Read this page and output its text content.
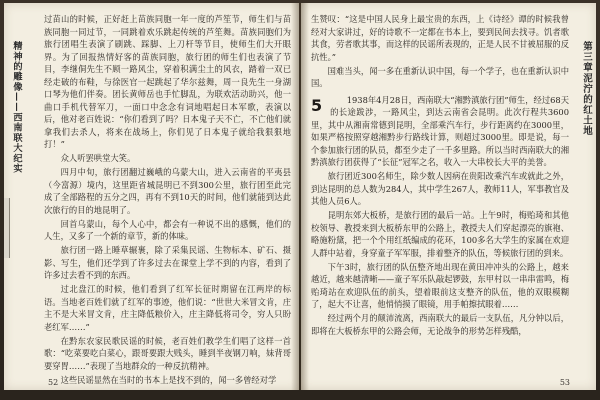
精神的雕像——西南联大纪实

过苗山的时候，正好赶上苗族同胞一年一度的芦笙节，师生们与苗族同胞一同过节，一同跳着欢乐跳起传统的芦笙舞。苗族同胞们为旅行团唱生表演了刷跳、踩脚、上刀杆等节目，使师生们大开眼界。为了回报热情好客的苗族同胞，旅行团的师生们也表演了节目，李继侗先生不顾一路风尘，穿着积满尘土的风衣，踏着一双已经走破的布鞋，与徐医官一起跳起了华尔兹舞，周一良先生一身湖口琴为他们伴奏。团长黄师岳也手忙脚乱，为联欢活动助兴，他一曲口手机代替军刀，一面口中念念有词地唱起日本军歌，表演以后，他对老百姓说：“你们看到了吗？日本鬼子天不亡，不亡他们就拿我们去杀人，将来在战场上，你们见了日本鬼子就给我狠狠地打！”

众人听罢哄堂大笑。

四月中旬，旅行团翻过巍峨的乌蒙大山，进入云南省的平夷县（今富源）境内，这里距省城昆明已不到300公里，旅行团至此完成了全部路程的五分之四，再有不到10天的时间，他们就能到达此次旅行的目的地昆明了。

回首乌蒙山，每个人心中，都会有一种说不出的感慨，他们的人生，又多了一个新的章节，新的体味。

旅行团一路上睡草辗裹，除了采集民谣、生物标本、矿石、摄影、写生，他们还学到了许多过去在课堂上学不到的内容，看到了许多过去看不到的东西。

过北盘江的时候，他们看到了红军长征时期留在江两岸的标语。当地老百姓们就了红军的事迹，他们说：“世世大米冒文肯，庄主不是大米冒文肯，庄主降低粮价入，庄主降低将司令，穷人只盼老红军……”

在黔东农家民歌民谣的时候，老百姓们教学生们唱了这样一首歌：“吃菜要吃白菜心，跟哥要跟大贱头，睡到半夜钢刀响，妹背哥要穿胃……”表现了当地群众的一种反抗精神。

这些民谣显然在当时的书本上是找不到的，闻一多曾经对学

52
第三章泥泞的红土地

生赞叹：“这是中国人民身上最宝贵的东西，上《诗经》谭的时候我曾经对大家讲过，好的诗歌不一定都在书本上，要到民间去找寻。饥者歌其食，劳者歌其事，而这样的民谣所表现的，正是人民不甘被屈服的反抗性。”

国难当头，闻一多在重新认识中国，每一个学子，也在重新认识中国。

5	1938年4月28日，西南联大“湘黔滇旅行团”师生，经过68天的长途跋涉，一路风尘，到达云南省会昆明。此次行程共3600里，其中从湘南常德到昆明，全部乘汽车行，步行距离约在3000里，如果严格按照穿越湘黔步行路线计算，则超过3000里。即是说，每一个参加旅行团的队员，都至少走了一千多里路。所以当时西南联大的湘黔滇旅行团获得了“长征”冠军之名，收入一大串校长大平的美誉。

旅行团近300名师生，除少数人因病在贵阳改乘汽车或就此之外，到达昆明的总人数为284人，其中学生267人，教师11人，军事教官及其他人员6人。

昆明东郊大板桥，是旅行团的最后一站。上午9时，梅贻琦和其他校领导、教授来到大板桥东甲的公路上，教授夫人们穿起漂亮的旗袍、略施粉黛，把一个个用红纸编成的花环，100多名大学生的家属在欢迎人群中站着，身穿童子军军服，排着整齐的队伍，等候旅行团的到来。

下午3时，旅行团的队伍整齐地出现在黄田冲冲头的公路上，越来越近，越来越清晰——童子军乐队敲起锣鼓，东甲村以一串串雷鸣，梅贻琦站在欢迎队伍的前头，望着眼前这支整齐的队伍，他的双眼模糊了，起大不让喜，他悄悄摸了眼镜，用手帕擦拭眼着……

经过两个月的颠沛流离，西南联大的最后一支队伍，凡分钟以后，即将在大板桥东甲的公路会师，无论战争的形势怎样残酷，

53
